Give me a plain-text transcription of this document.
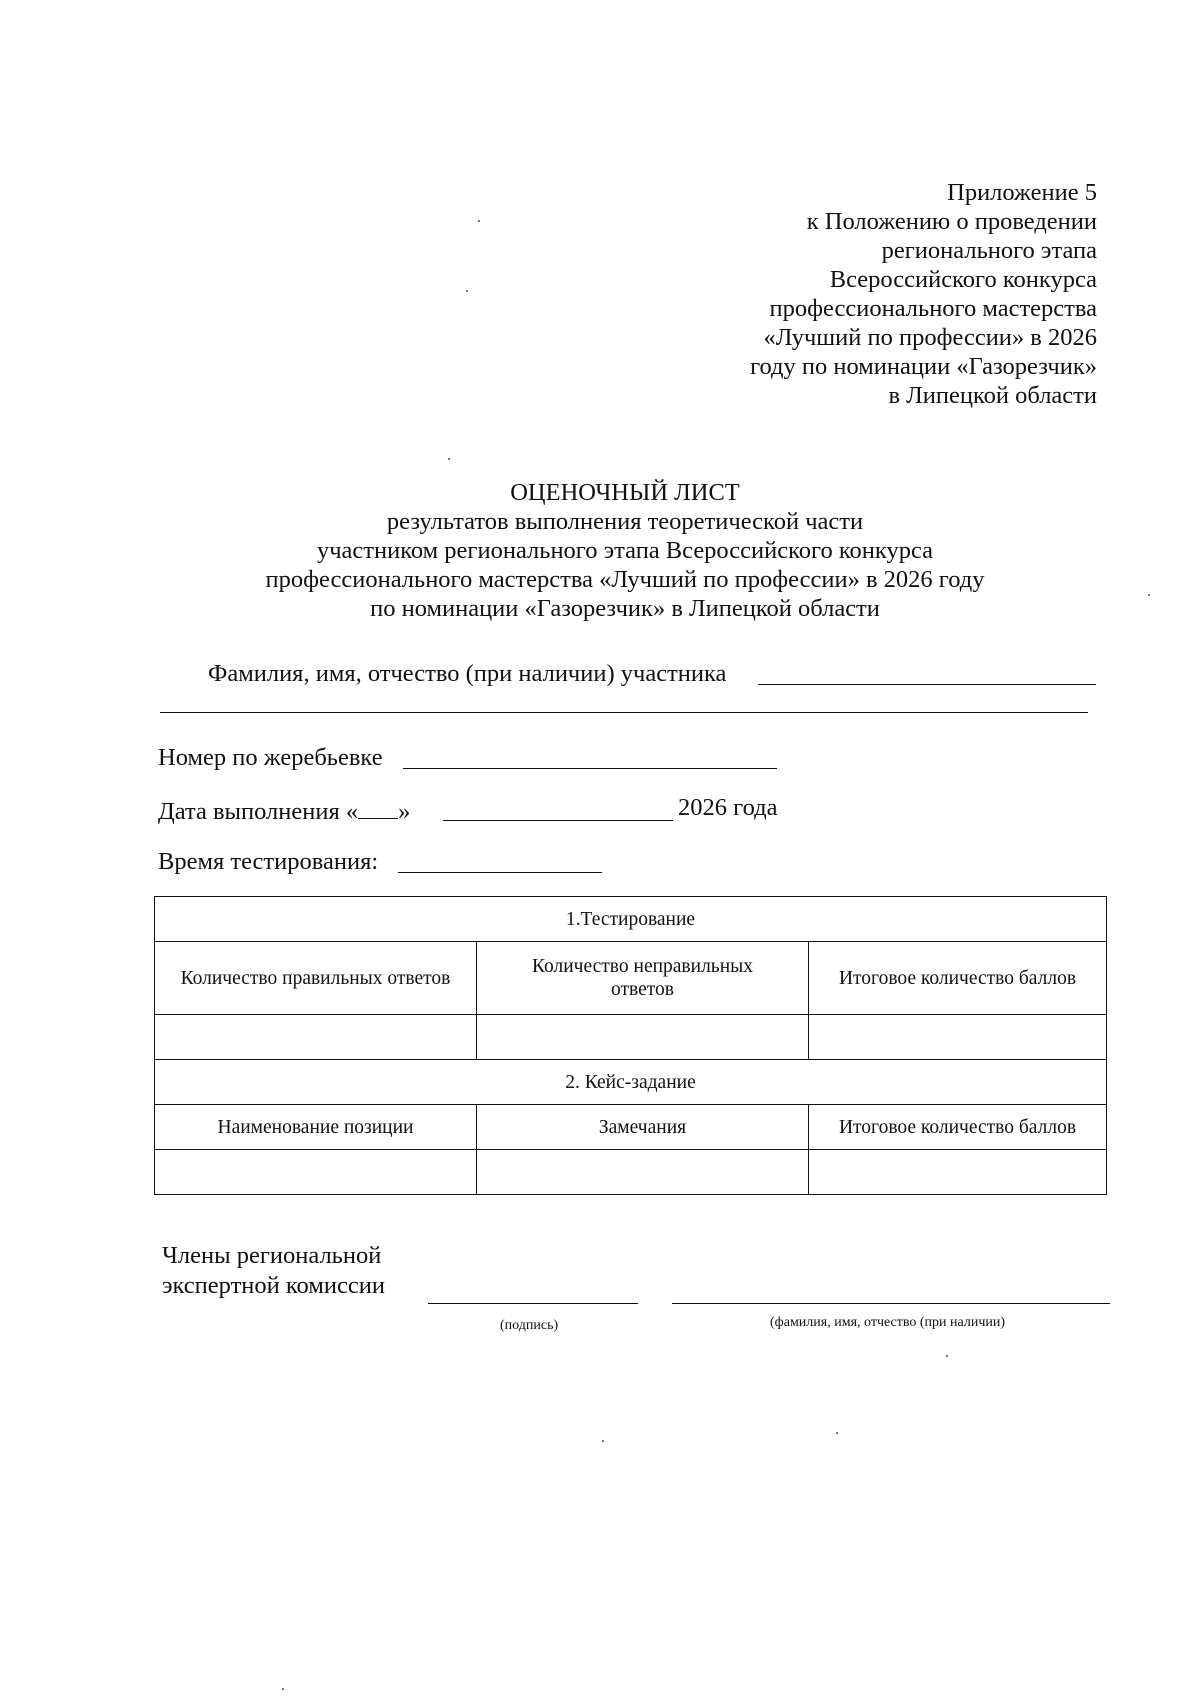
Приложение 5
к Положению о проведении
регионального этапа
Всероссийского конкурса
профессионального мастерства
«Лучший по профессии» в 2026
году по номинации «Газорезчик»
в Липецкой области
ОЦЕНОЧНЫЙ ЛИСТ
результатов выполнения теоретической части
участником регионального этапа Всероссийского конкурса
профессионального мастерства «Лучший по профессии» в 2026 году
по номинации «Газорезчик» в Липецкой области
Фамилия, имя, отчество (при наличии) участника
Номер по жеребьевке
Дата выполнения « »	2026 года
Время тестирования:
1.Тестирование		
Количество правильных ответов	Количество неправильных ответов	Итоговое количество баллов

2. Кейс-задание		
Наименование позиции	Замечания	Итоговое количество баллов

Члены региональной
экспертной комиссии
(подпись)	(фамилия, имя, отчество (при наличии)
